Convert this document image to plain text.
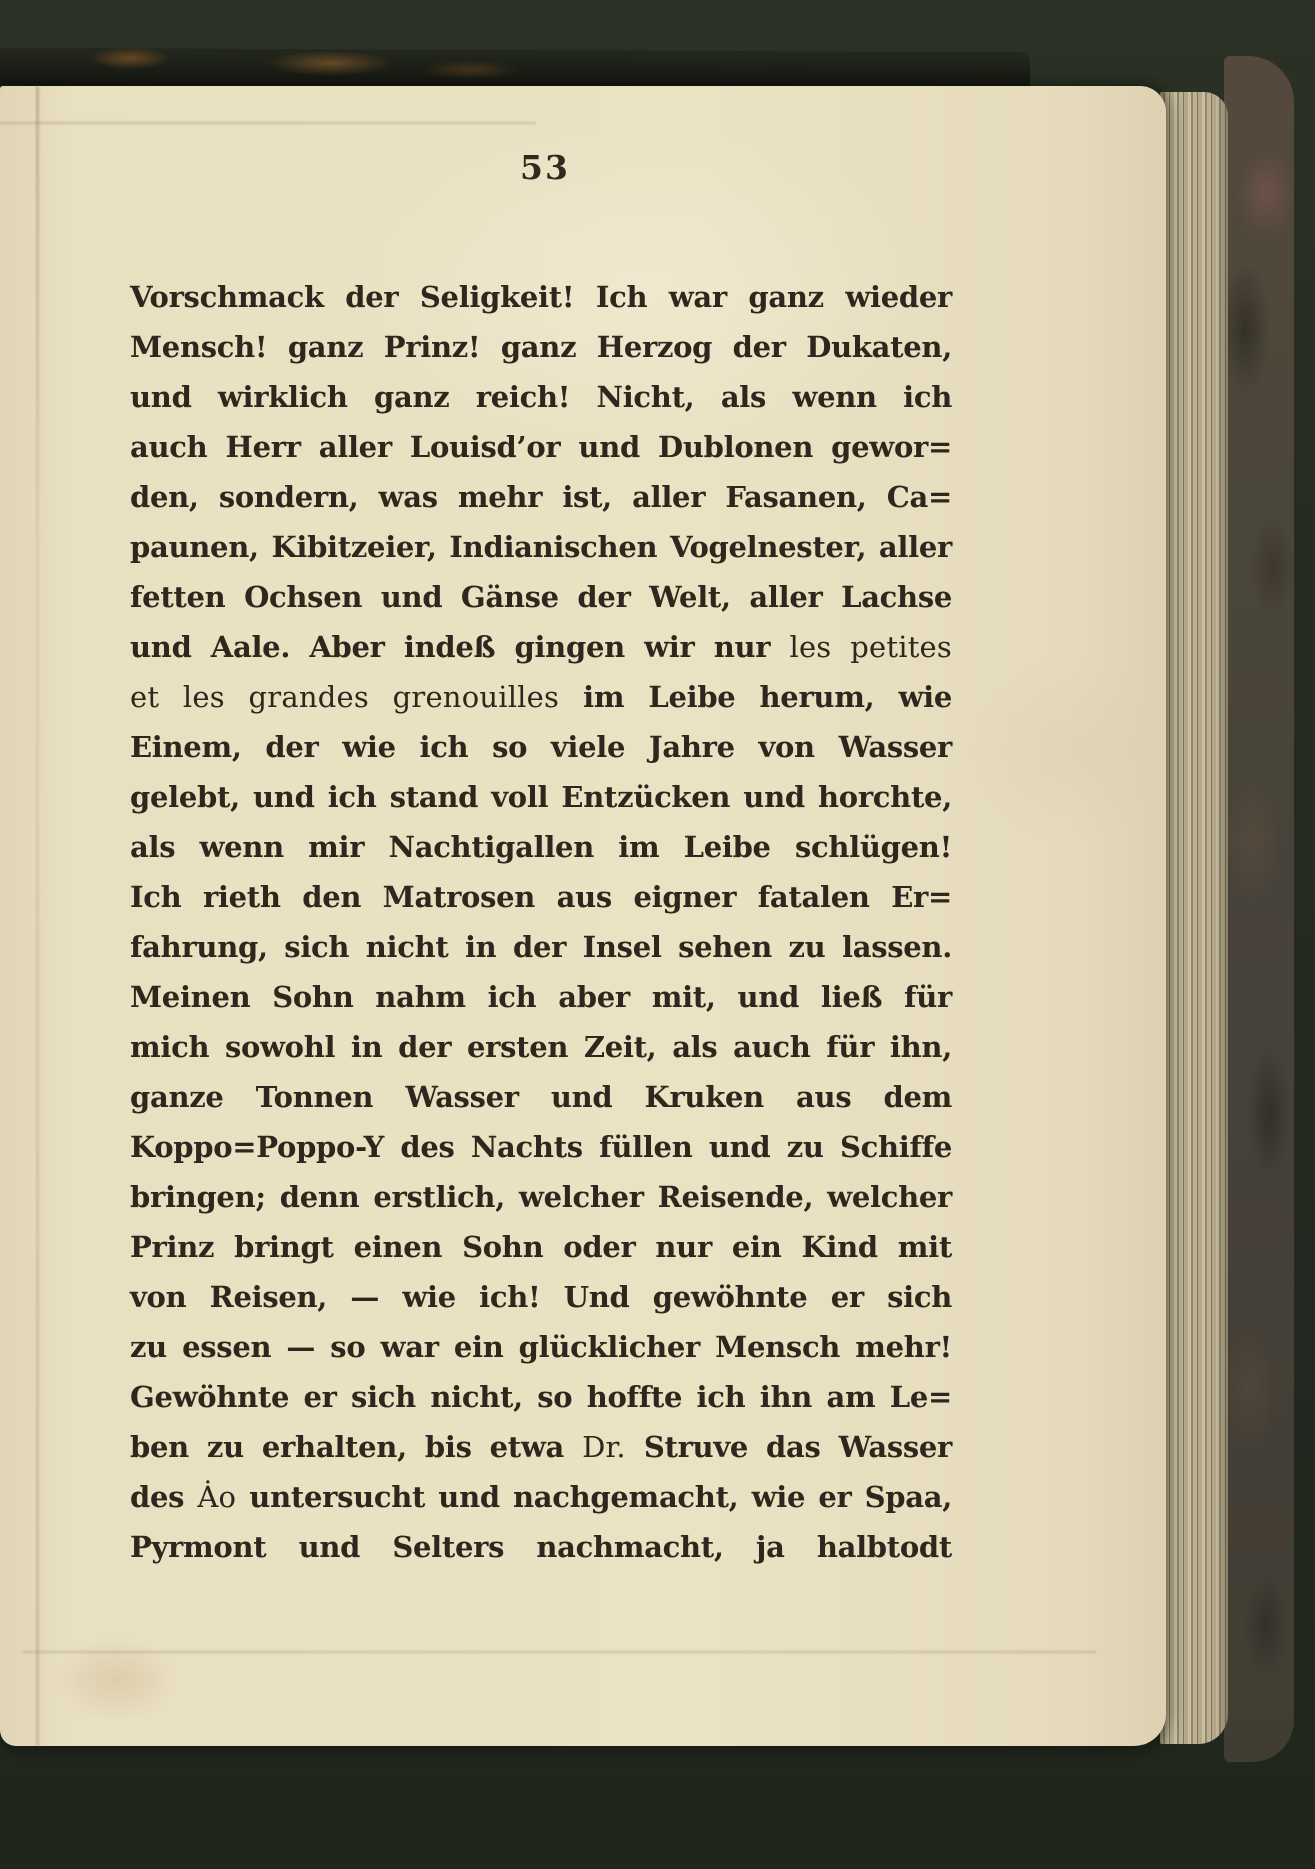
53
Vorschmack der Seligkeit! Ich war ganz wieder
Mensch! ganz Prinz! ganz Herzog der Dukaten,
und wirklich ganz reich! Nicht, als wenn ich
auch Herr aller Louisd’or und Dublonen gewor=
den, sondern, was mehr ist, aller Fasanen, Ca=
paunen, Kibitzeier, Indianischen Vogelnester, aller
fetten Ochsen und Gänse der Welt, aller Lachse
und Aale. Aber indeß gingen wir nur les petites
et les grandes grenouilles im Leibe herum, wie
Einem, der wie ich so viele Jahre von Wasser
gelebt, und ich stand voll Entzücken und horchte,
als wenn mir Nachtigallen im Leibe schlügen!
Ich rieth den Matrosen aus eigner fatalen Er=
fahrung, sich nicht in der Insel sehen zu lassen.
Meinen Sohn nahm ich aber mit, und ließ für
mich sowohl in der ersten Zeit, als auch für ihn,
ganze Tonnen Wasser und Kruken aus dem
Koppo=Poppo-Y des Nachts füllen und zu Schiffe
bringen; denn erstlich, welcher Reisende, welcher
Prinz bringt einen Sohn oder nur ein Kind mit
von Reisen, — wie ich! Und gewöhnte er sich
zu essen — so war ein glücklicher Mensch mehr!
Gewöhnte er sich nicht, so hoffte ich ihn am Le=
ben zu erhalten, bis etwa Dr. Struve das Wasser
des Ȧo untersucht und nachgemacht, wie er Spaa,
Pyrmont und Selters nachmacht, ja halbtodt
